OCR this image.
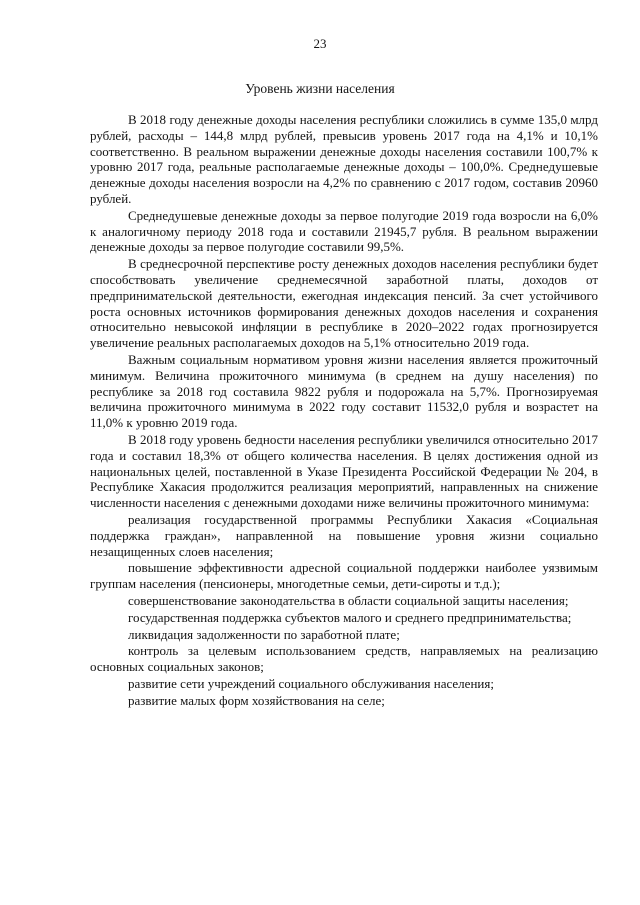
23
Уровень жизни населения

В 2018 году денежные доходы населения республики сложились в сумме 135,0 млрд рублей, расходы – 144,8 млрд рублей, превысив уровень 2017 года на 4,1% и 10,1% соответственно. В реальном выражении денежные доходы населения составили 100,7% к уровню 2017 года, реальные располагаемые денежные доходы – 100,0%. Среднедушевые денежные доходы населения возросли на 4,2% по сравнению с 2017 годом, составив 20960 рублей.

Среднедушевые денежные доходы за первое полугодие 2019 года возросли на 6,0% к аналогичному периоду 2018 года и составили 21945,7 рубля. В реальном выражении денежные доходы за первое полугодие составили 99,5%.

В среднесрочной перспективе росту денежных доходов населения республики будет способствовать увеличение среднемесячной заработной платы, доходов от предпринимательской деятельности, ежегодная индексация пенсий. За счет устойчивого роста основных источников формирования денежных доходов населения и сохранения относительно невысокой инфляции в республике в 2020–2022 годах прогнозируется увеличение реальных располагаемых доходов на 5,1% относительно 2019 года.

Важным социальным нормативом уровня жизни населения является прожиточный минимум. Величина прожиточного минимума (в среднем на душу населения) по республике за 2018 год составила 9822 рубля и подорожала на 5,7%. Прогнозируемая величина прожиточного минимума в 2022 году составит 11532,0 рубля и возрастет на 11,0% к уровню 2019 года.

В 2018 году уровень бедности населения республики увеличился относительно 2017 года и составил 18,3% от общего количества населения. В целях достижения одной из национальных целей, поставленной в Указе Президента Российской Федерации № 204, в Республике Хакасия продолжится реализация мероприятий, направленных на снижение численности населения с денежными доходами ниже величины прожиточного минимума:

реализация государственной программы Республики Хакасия «Социальная поддержка граждан», направленной на повышение уровня жизни социально незащищенных слоев населения;

повышение эффективности адресной социальной поддержки наиболее уязвимым группам населения (пенсионеры, многодетные семьи, дети-сироты и т.д.);

совершенствование законодательства в области социальной защиты населения;

государственная поддержка субъектов малого и среднего предпринимательства;

ликвидация задолженности по заработной плате;

контроль за целевым использованием средств, направляемых на реализацию основных социальных законов;

развитие сети учреждений социального обслуживания населения;

развитие малых форм хозяйствования на селе;
